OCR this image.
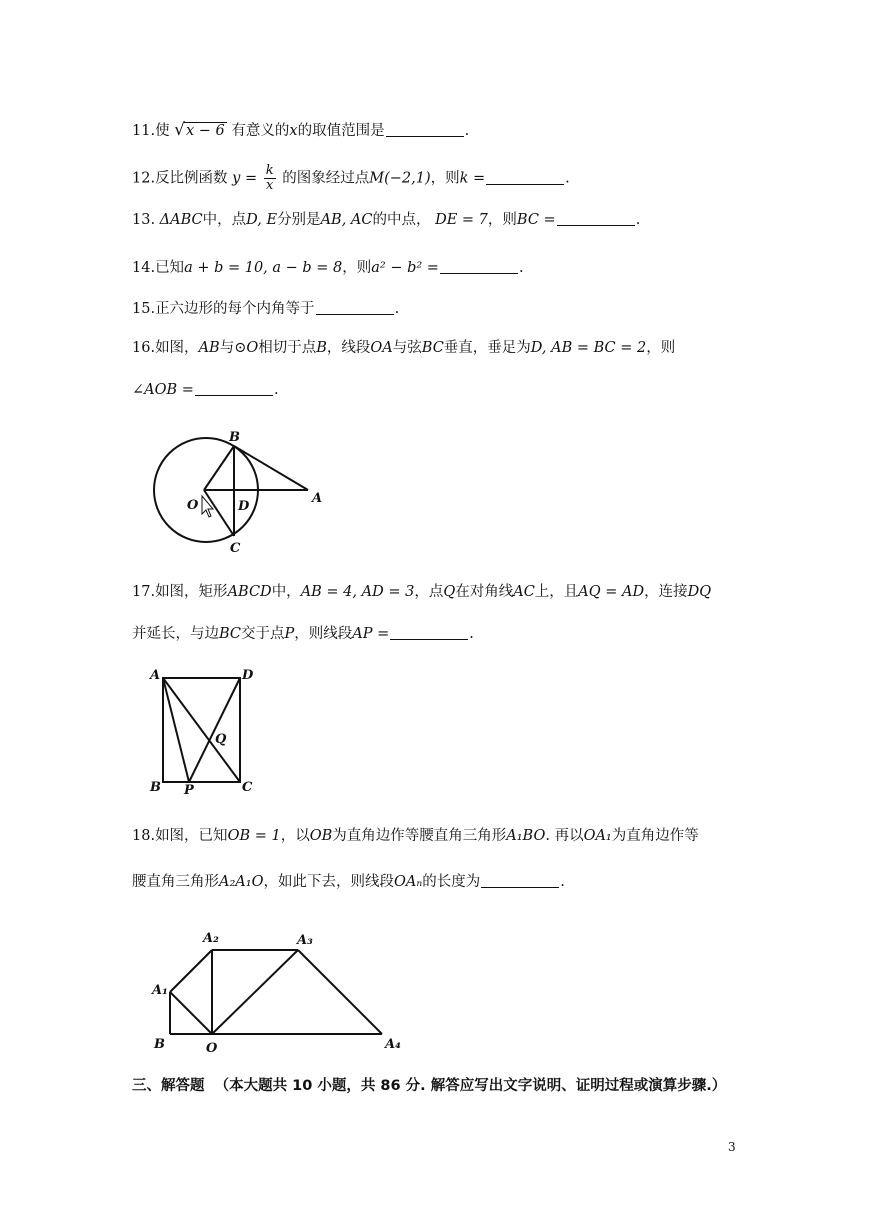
11.使 √x − 6 有意义的x的取值范围是	.
12.反比例函数 $y = \frac{k}{x}$ 的图象经过点M(−2,1)，则k =	.
13. ΔABC中，点D, E分别是AB, AC的中点， DE = 7，则BC =	.
14.已知a + b = 10, a − b = 8，则a² − b² =	.
15.正六边形的每个内角等于	.
16.如图，AB与⊙O相切于点B，线段OA与弦BC垂直，垂足为D, AB = BC = 2，则
∠AOB =	.
B
O	D
A
C
17.如图，矩形ABCD中，AB = 4, AD = 3，点Q在对角线AC上，且AQ = AD，连接DQ
并延长，与边BC交于点P，则线段AP =	.
A	D
Q
B P	C
18.如图，已知OB = 1，以OB为直角边作等腰直角三角形A₁BO. 再以OA₁为直角边作等
腰直角三角形A₂A₁O，如此下去，则线段OAₙ的长度为	.
A₂	A₃
A₁
B	O	A₄
三、解答题 （本大题共 10 小题，共 86 分. 解答应写出文字说明、证明过程或演算步骤.）
3
